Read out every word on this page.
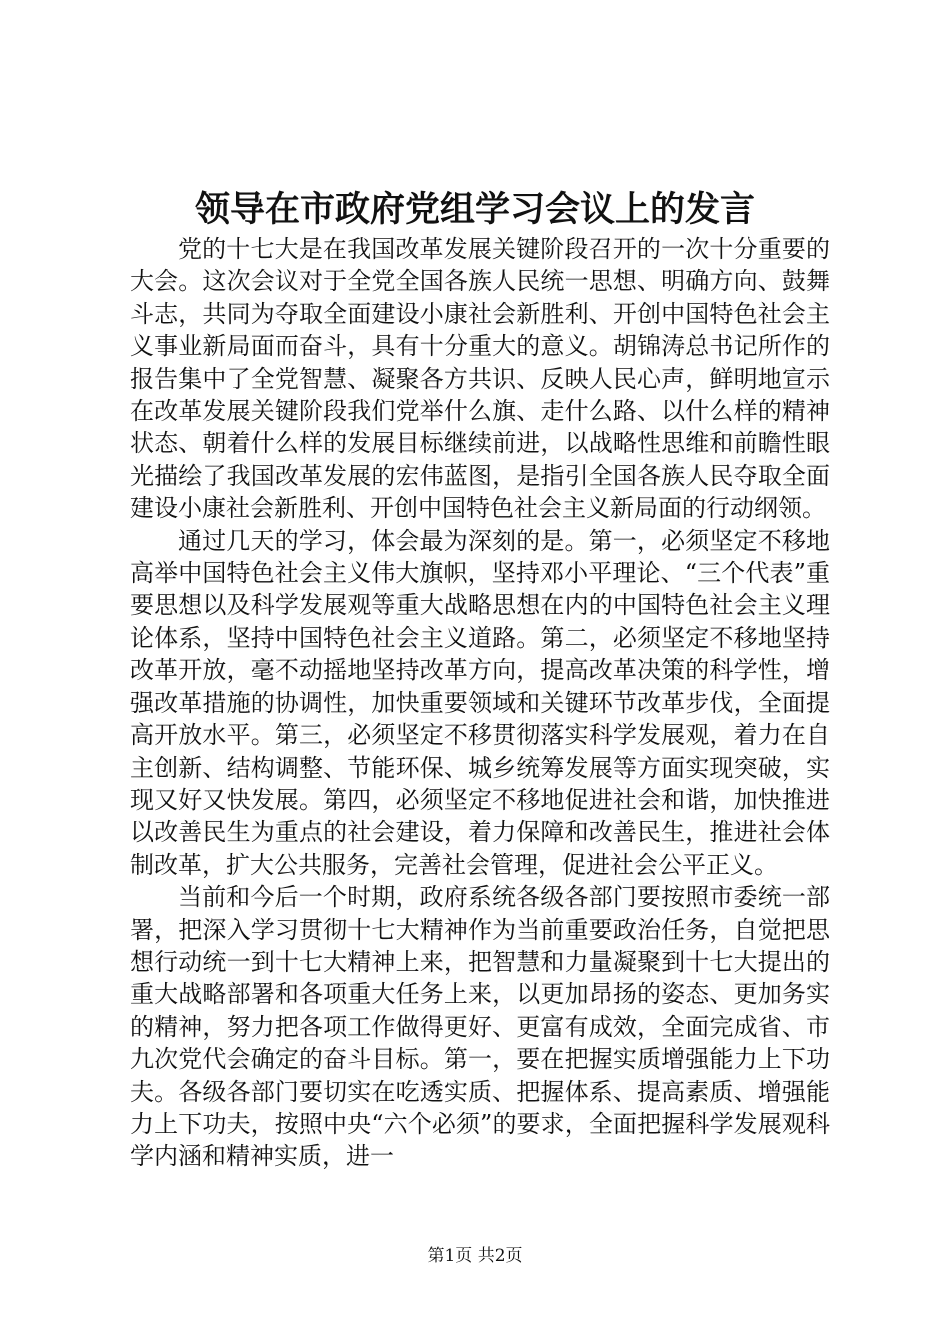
领导在市政府党组学习会议上的发言

党的十七大是在我国改革发展关键阶段召开的一次十分重要的大会。这次会议对于全党全国各族人民统一思想、明确方向、鼓舞斗志，共同为夺取全面建设小康社会新胜利、开创中国特色社会主义事业新局面而奋斗，具有十分重大的意义。胡锦涛总书记所作的报告集中了全党智慧、凝聚各方共识、反映人民心声，鲜明地宣示在改革发展关键阶段我们党举什么旗、走什么路、以什么样的精神状态、朝着什么样的发展目标继续前进，以战略性思维和前瞻性眼光描绘了我国改革发展的宏伟蓝图，是指引全国各族人民夺取全面建设小康社会新胜利、开创中国特色社会主义新局面的行动纲领。

通过几天的学习，体会最为深刻的是。第一，必须坚定不移地高举中国特色社会主义伟大旗帜，坚持邓小平理论、“三个代表”重要思想以及科学发展观等重大战略思想在内的中国特色社会主义理论体系，坚持中国特色社会主义道路。第二，必须坚定不移地坚持改革开放，毫不动摇地坚持改革方向，提高改革决策的科学性，增强改革措施的协调性，加快重要领域和关键环节改革步伐，全面提高开放水平。第三，必须坚定不移贯彻落实科学发展观，着力在自主创新、结构调整、节能环保、城乡统筹发展等方面实现突破，实现又好又快发展。第四，必须坚定不移地促进社会和谐，加快推进以改善民生为重点的社会建设，着力保障和改善民生，推进社会体制改革，扩大公共服务，完善社会管理，促进社会公平正义。

当前和今后一个时期，政府系统各级各部门要按照市委统一部署，把深入学习贯彻十七大精神作为当前重要政治任务，自觉把思想行动统一到十七大精神上来，把智慧和力量凝聚到十七大提出的重大战略部署和各项重大任务上来，以更加昂扬的姿态、更加务实的精神，努力把各项工作做得更好、更富有成效，全面完成省、市九次党代会确定的奋斗目标。第一，要在把握实质增强能力上下功夫。各级各部门要切实在吃透实质、把握体系、提高素质、增强能力上下功夫，按照中央“六个必须”的要求，全面把握科学发展观科学内涵和精神实质，进一

第1页 共2页
